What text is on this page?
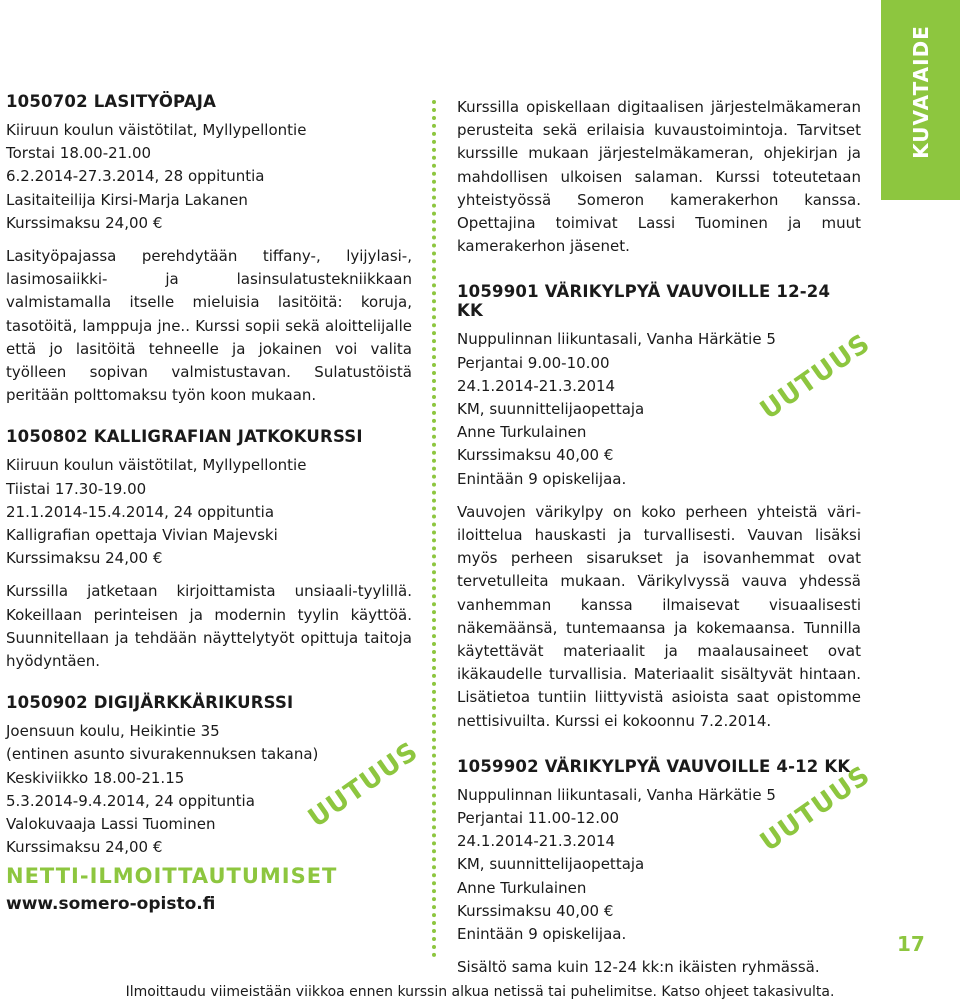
KUVATAIDE
1050702 LASITYÖPAJA
Kiiruun koulun väistötilat, Myllypellontie
Torstai 18.00-21.00
6.2.2014-27.3.2014, 28 oppituntia
Lasitaiteilija Kirsi-Marja Lakanen
Kurssimaksu 24,00 €

Lasityöpajassa perehdytään tiffany-, lyijylasi-, lasimosaiikki- ja lasinsulatustekniikkaan valmistamalla itselle mieluisia lasitöitä: koruja, tasotöitä, lamppuja jne.. Kurssi sopii sekä aloittelijalle että jo lasitöitä tehneelle ja jokainen voi valita työlleen sopivan valmistustavan. Sulatustöistä peritään polttomaksu työn koon mukaan.

1050802 KALLIGRAFIAN JATKOKURSSI
Kiiruun koulun väistötilat, Myllypellontie
Tiistai 17.30-19.00
21.1.2014-15.4.2014, 24 oppituntia
Kalligrafian opettaja Vivian Majevski
Kurssimaksu 24,00 €

Kurssilla jatketaan kirjoittamista unsiaali-tyylillä. Kokeillaan perinteisen ja modernin tyylin käyttöä. Suunnitellaan ja tehdään näyttelytyöt opittuja taitoja hyödyntäen.

1050902 DIGIJÄRKKÄRIKURSSI
Joensuun koulu, Heikintie 35
(entinen asunto sivurakennuksen takana)
Keskiviikko 18.00-21.15
5.3.2014-9.4.2014, 24 oppituntia
Valokuvaaja Lassi Tuominen
Kurssimaksu 24,00 €
UUTUUS
NETTI-ILMOITTAUTUMISET
www.somero-opisto.fi

Kurssilla opiskellaan digitaalisen järjestelmäkameran perusteita sekä erilaisia kuvaustoimintoja. Tarvitset kurssille mukaan järjestelmäkameran, ohjekirjan ja mahdollisen ulkoisen salaman. Kurssi toteutetaan yhteistyössä Someron kamerakerhon kanssa. Opettajina toimivat Lassi Tuominen ja muut kamerakerhon jäsenet.

1059901 VÄRIKYLPYÄ VAUVOILLE 12-24 KK
Nuppulinnan liikuntasali, Vanha Härkätie 5
Perjantai 9.00-10.00
24.1.2014-21.3.2014
KM, suunnittelijaopettaja
Anne Turkulainen
Kurssimaksu 40,00 €
Enintään 9 opiskelijaa.

Vauvojen värikylpy on koko perheen yhteistä väri-iloittelua hauskasti ja turvallisesti. Vauvan lisäksi myös perheen sisarukset ja isovanhemmat ovat tervetulleita mukaan. Värikylvyssä vauva yhdessä vanhemman kanssa ilmaisevat visuaalisesti näkemäänsä, tuntemaansa ja kokemaansa. Tunnilla käytettävät materiaalit ja maalausaineet ovat ikäkaudelle turvallisia. Materiaalit sisältyvät hintaan. Lisätietoa tuntiin liittyvistä asioista saat opistomme nettisivuilta. Kurssi ei kokoonnu 7.2.2014.

1059902 VÄRIKYLPYÄ VAUVOILLE 4-12 KK
Nuppulinnan liikuntasali, Vanha Härkätie 5
Perjantai 11.00-12.00
24.1.2014-21.3.2014
KM, suunnittelijaopettaja
Anne Turkulainen
Kurssimaksu 40,00 €
Enintään 9 opiskelijaa.

Sisältö sama kuin 12-24 kk:n ikäisten ryhmässä.

UUTUUS
UUTUUS
17
Ilmoittaudu viimeistään viikkoa ennen kurssin alkua netissä tai puhelimitse. Katso ohjeet takasivulta.
